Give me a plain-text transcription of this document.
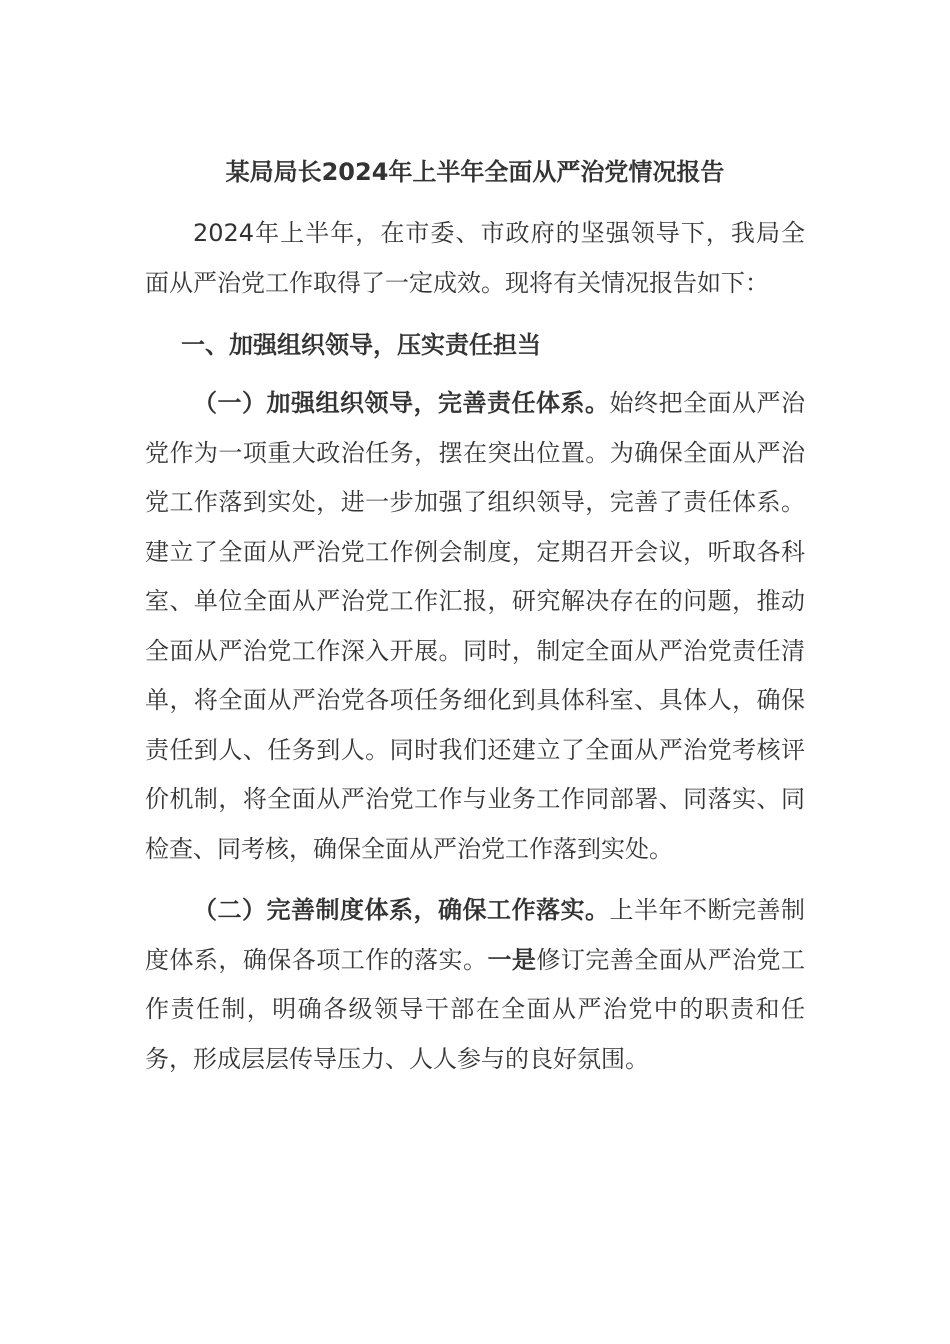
某局局长2024年上半年全面从严治党情况报告

2024年上半年，在市委、市政府的坚强领导下，我局全面从严治党工作取得了一定成效。现将有关情况报告如下：

一、加强组织领导，压实责任担当

（一）加强组织领导，完善责任体系。始终把全面从严治党作为一项重大政治任务，摆在突出位置。为确保全面从严治党工作落到实处，进一步加强了组织领导，完善了责任体系。建立了全面从严治党工作例会制度，定期召开会议，听取各科室、单位全面从严治党工作汇报，研究解决存在的问题，推动全面从严治党工作深入开展。同时，制定全面从严治党责任清单，将全面从严治党各项任务细化到具体科室、具体人，确保责任到人、任务到人。同时我们还建立了全面从严治党考核评价机制，将全面从严治党工作与业务工作同部署、同落实、同检查、同考核，确保全面从严治党工作落到实处。

（二）完善制度体系，确保工作落实。上半年不断完善制度体系，确保各项工作的落实。一是修订完善全面从严治党工作责任制，明确各级领导干部在全面从严治党中的职责和任务，形成层层传导压力、人人参与的良好氛围。
